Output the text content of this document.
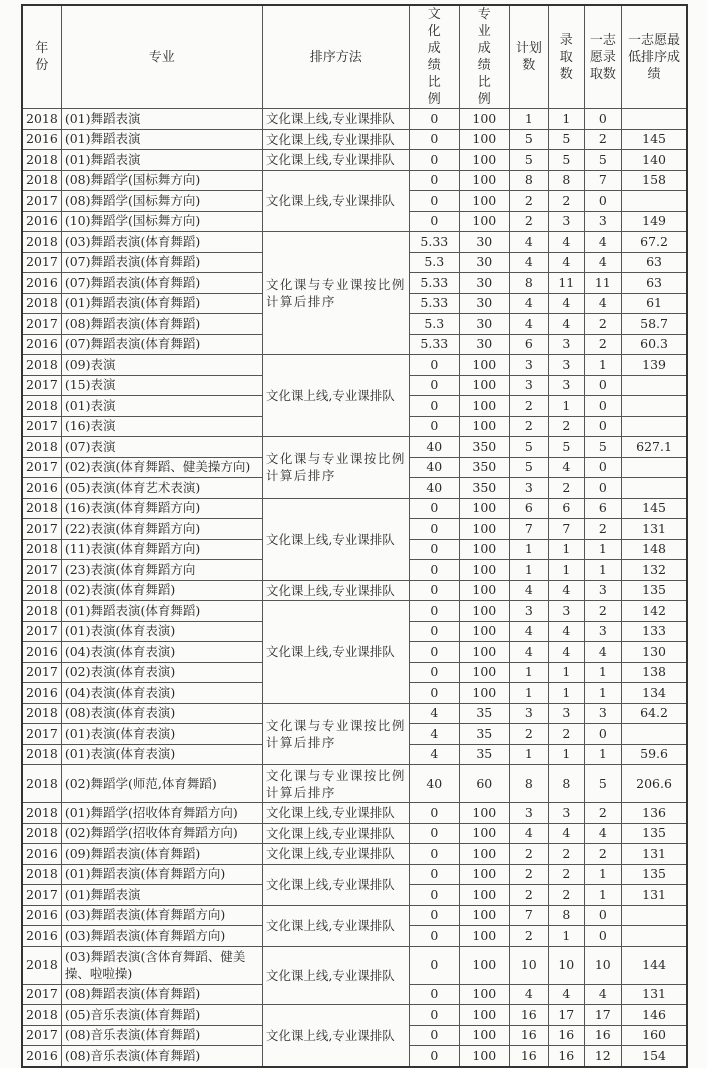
年份	专业	排序方法	文化成绩比例	专业成绩比例	计划数	录取数	一志愿录取数	一志愿最低排序成绩
2018	(01)舞蹈表演	文化课上线,专业课排队	0	100	1	1	0	
2016	(01)舞蹈表演	文化课上线,专业课排队	0	100	5	5	2	145
2018	(01)舞蹈表演	文化课上线,专业课排队	0	100	5	5	5	140
2018	(08)舞蹈学(国标舞方向)	文化课上线,专业课排队	0	100	8	8	7	158
2017	(08)舞蹈学(国标舞方向)		0	100	2	2	0	
2016	(10)舞蹈学(国标舞方向)		0	100	2	3	3	149
2018	(03)舞蹈表演(体育舞蹈)	文化课与专业课按比例计算后排序	5.33	30	4	4	4	67.2
2017	(07)舞蹈表演(体育舞蹈)		5.3	30	4	4	4	63
2016	(07)舞蹈表演(体育舞蹈)		5.33	30	8	11	11	63
2018	(01)舞蹈表演(体育舞蹈)		5.33	30	4	4	4	61
2017	(08)舞蹈表演(体育舞蹈)		5.3	30	4	4	2	58.7
2016	(07)舞蹈表演(体育舞蹈)		5.33	30	6	3	2	60.3
2018	(09)表演	文化课上线,专业课排队	0	100	3	3	1	139
2017	(15)表演		0	100	3	3	0	
2018	(01)表演		0	100	2	1	0	
2017	(16)表演		0	100	2	2	0	
2018	(07)表演	文化课与专业课按比例计算后排序	40	350	5	5	5	627.1
2017	(02)表演(体育舞蹈、健美操方向)		40	350	5	4	0	
2016	(05)表演(体育艺术表演)		40	350	3	2	0	
2018	(16)表演(体育舞蹈方向)	文化课上线,专业课排队	0	100	6	6	6	145
2017	(22)表演(体育舞蹈方向)		0	100	7	7	2	131
2018	(11)表演(体育舞蹈方向)		0	100	1	1	1	148
2017	(23)表演(体育舞蹈方向		0	100	1	1	1	132
2018	(02)表演(体育舞蹈)	文化课上线,专业课排队	0	100	4	4	3	135
2018	(01)舞蹈表演(体育舞蹈)	文化课上线,专业课排队	0	100	3	3	2	142
2017	(01)表演(体育表演)		0	100	4	4	3	133
2016	(04)表演(体育表演)		0	100	4	4	4	130
2017	(02)表演(体育表演)		0	100	1	1	1	138
2016	(04)表演(体育表演)		0	100	1	1	1	134
2018	(08)表演(体育表演)	文化课与专业课按比例计算后排序	4	35	3	3	3	64.2
2017	(01)表演(体育表演)		4	35	2	2	0	
2018	(01)表演(体育表演)		4	35	1	1	1	59.6
2018	(02)舞蹈学(师范,体育舞蹈)	文化课与专业课按比例计算后排序	40	60	8	8	5	206.6
2018	(01)舞蹈学(招收体育舞蹈方向)	文化课上线,专业课排队	0	100	3	3	2	136
2018	(02)舞蹈学(招收体育舞蹈方向)	文化课上线,专业课排队	0	100	4	4	4	135
2016	(09)舞蹈表演(体育舞蹈)	文化课上线,专业课排队	0	100	2	2	2	131
2018	(01)舞蹈表演(体育舞蹈方向)	文化课上线,专业课排队	0	100	2	2	1	135
2017	(01)舞蹈表演		0	100	2	2	1	131
2016	(03)舞蹈表演(体育舞蹈方向)	文化课上线,专业课排队	0	100	7	8	0	
2016	(03)舞蹈表演(体育舞蹈方向)		0	100	2	1	0	
2018	(03)舞蹈表演(含体育舞蹈、健美操、啦啦操)	文化课上线,专业课排队	0	100	10	10	10	144
2017	(08)舞蹈表演(体育舞蹈)		0	100	4	4	4	131
2018	(05)音乐表演(体育舞蹈)	文化课上线,专业课排队	0	100	16	17	17	146
2017	(08)音乐表演(体育舞蹈)		0	100	16	16	16	160
2016	(08)音乐表演(体育舞蹈)		0	100	16	16	12	154
